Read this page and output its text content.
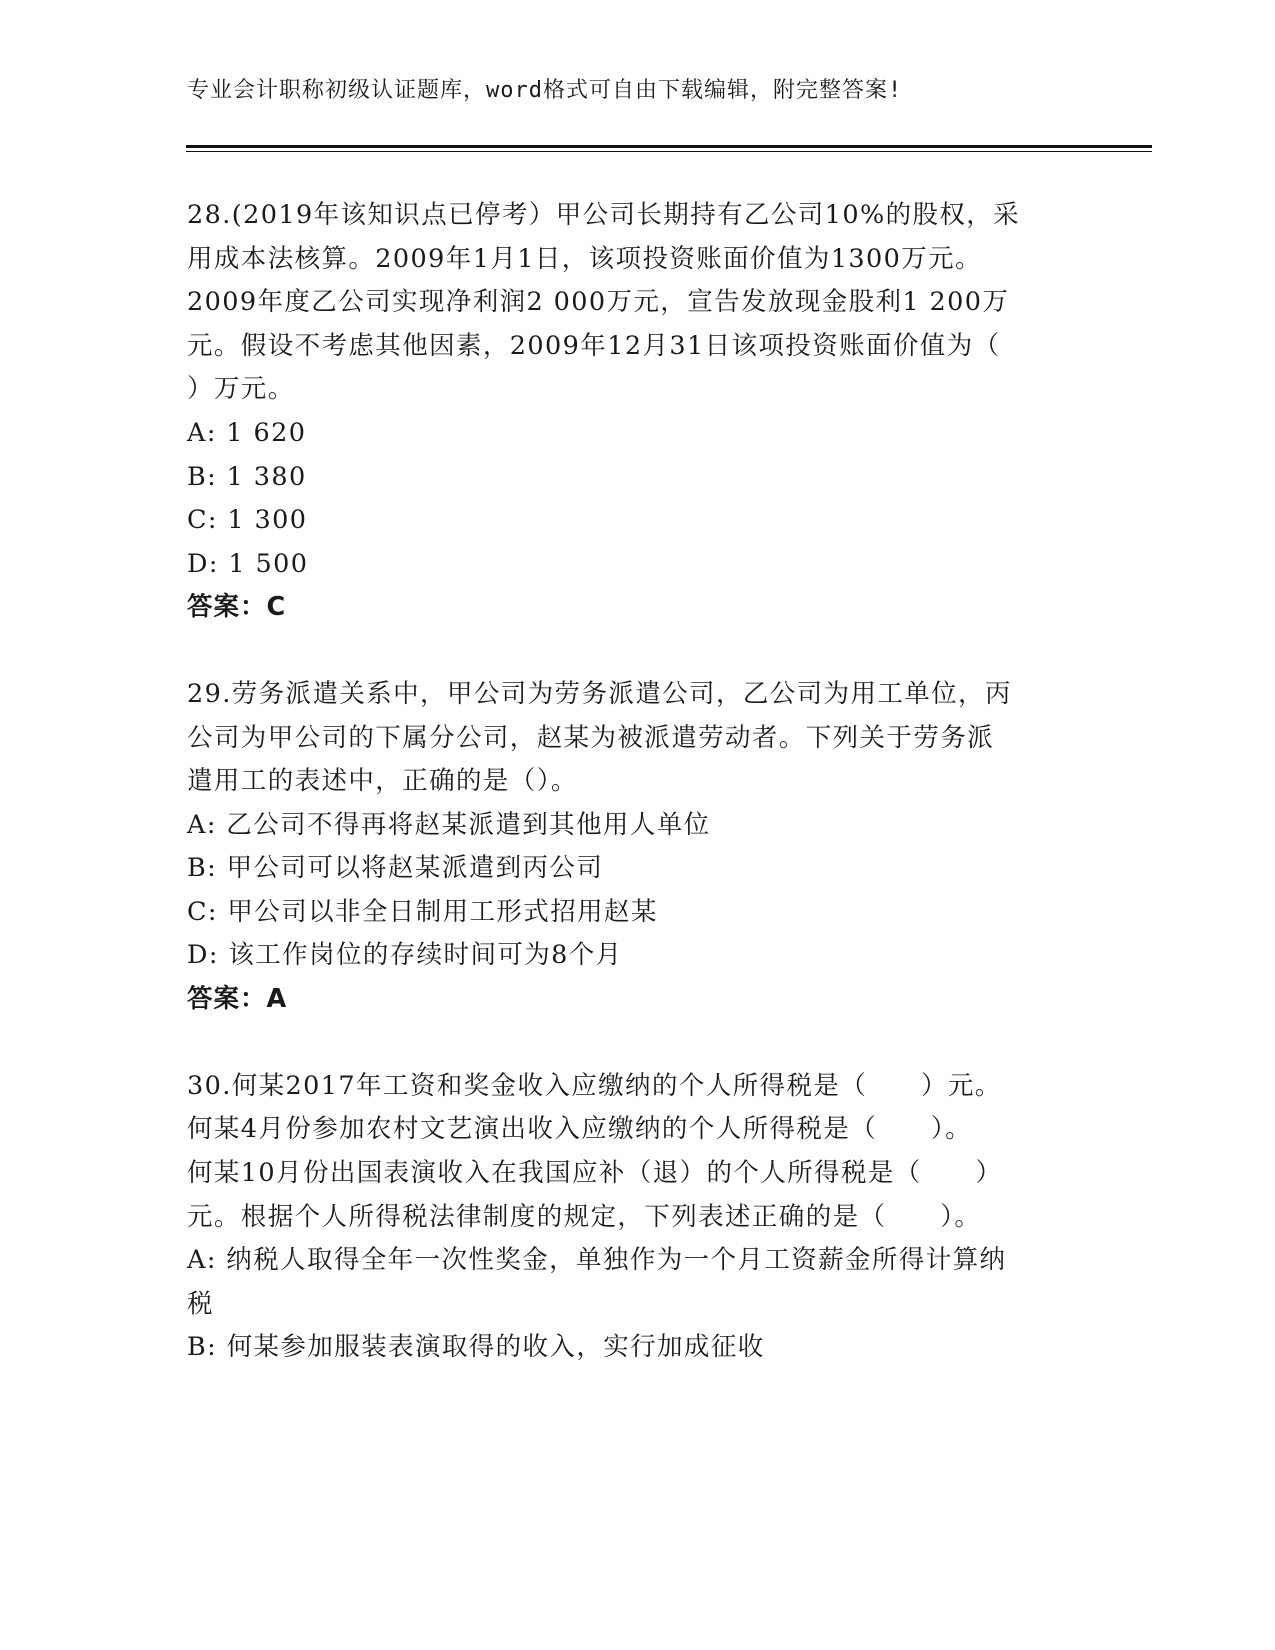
专业会计职称初级认证题库，word格式可自由下载编辑，附完整答案!
28.(2019年该知识点已停考）甲公司长期持有乙公司10%的股权，采
用成本法核算。2009年1月1日，该项投资账面价值为1300万元。
2009年度乙公司实现净利润2 000万元，宣告发放现金股利1 200万
元。假设不考虑其他因素，2009年12月31日该项投资账面价值为（
）万元。
A: 1 620
B: 1 380
C: 1 300
D: 1 500
答案：C
29.劳务派遣关系中，甲公司为劳务派遣公司，乙公司为用工单位，丙
公司为甲公司的下属分公司，赵某为被派遣劳动者。下列关于劳务派
遣用工的表述中，正确的是（）。
A: 乙公司不得再将赵某派遣到其他用人单位
B: 甲公司可以将赵某派遣到丙公司
C: 甲公司以非全日制用工形式招用赵某
D: 该工作岗位的存续时间可为8个月
答案：A
30.何某2017年工资和奖金收入应缴纳的个人所得税是（　　）元。
何某4月份参加农村文艺演出收入应缴纳的个人所得税是（　　）。
何某10月份出国表演收入在我国应补（退）的个人所得税是（　　）
元。根据个人所得税法律制度的规定，下列表述正确的是（　　）。
A: 纳税人取得全年一次性奖金，单独作为一个月工资薪金所得计算纳
税
B: 何某参加服装表演取得的收入，实行加成征收
